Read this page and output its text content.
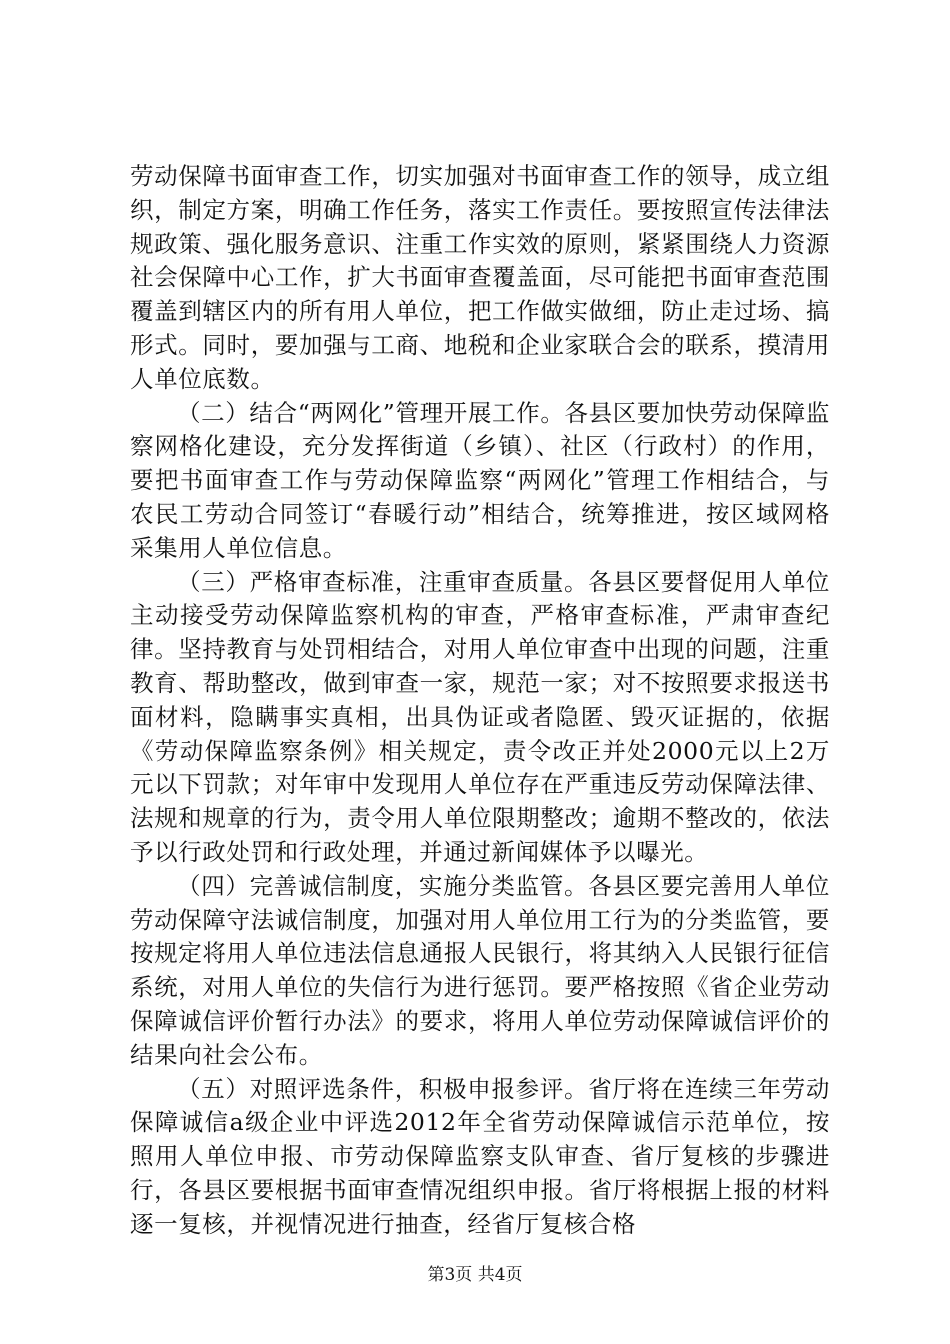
劳动保障书面审查工作，切实加强对书面审查工作的领导，成立组织，制定方案，明确工作任务，落实工作责任。要按照宣传法律法规政策、强化服务意识、注重工作实效的原则，紧紧围绕人力资源社会保障中心工作，扩大书面审查覆盖面，尽可能把书面审查范围覆盖到辖区内的所有用人单位，把工作做实做细，防止走过场、搞形式。同时，要加强与工商、地税和企业家联合会的联系，摸清用人单位底数。

（二）结合“两网化”管理开展工作。各县区要加快劳动保障监察网格化建设，充分发挥街道（乡镇）、社区（行政村）的作用，要把书面审查工作与劳动保障监察“两网化”管理工作相结合，与农民工劳动合同签订“春暖行动”相结合，统筹推进，按区域网格采集用人单位信息。

（三）严格审查标准，注重审查质量。各县区要督促用人单位主动接受劳动保障监察机构的审查，严格审查标准，严肃审查纪律。坚持教育与处罚相结合，对用人单位审查中出现的问题，注重教育、帮助整改，做到审查一家，规范一家；对不按照要求报送书面材料，隐瞒事实真相，出具伪证或者隐匿、毁灭证据的，依据《劳动保障监察条例》相关规定，责令改正并处2000元以上2万元以下罚款；对年审中发现用人单位存在严重违反劳动保障法律、法规和规章的行为，责令用人单位限期整改；逾期不整改的，依法予以行政处罚和行政处理，并通过新闻媒体予以曝光。

（四）完善诚信制度，实施分类监管。各县区要完善用人单位劳动保障守法诚信制度，加强对用人单位用工行为的分类监管，要按规定将用人单位违法信息通报人民银行，将其纳入人民银行征信系统，对用人单位的失信行为进行惩罚。要严格按照《省企业劳动保障诚信评价暂行办法》的要求，将用人单位劳动保障诚信评价的结果向社会公布。

（五）对照评选条件，积极申报参评。省厅将在连续三年劳动保障诚信a级企业中评选2012年全省劳动保障诚信示范单位，按照用人单位申报、市劳动保障监察支队审查、省厅复核的步骤进行，各县区要根据书面审查情况组织申报。省厅将根据上报的材料逐一复核，并视情况进行抽查，经省厅复核合格

第3页 共4页
